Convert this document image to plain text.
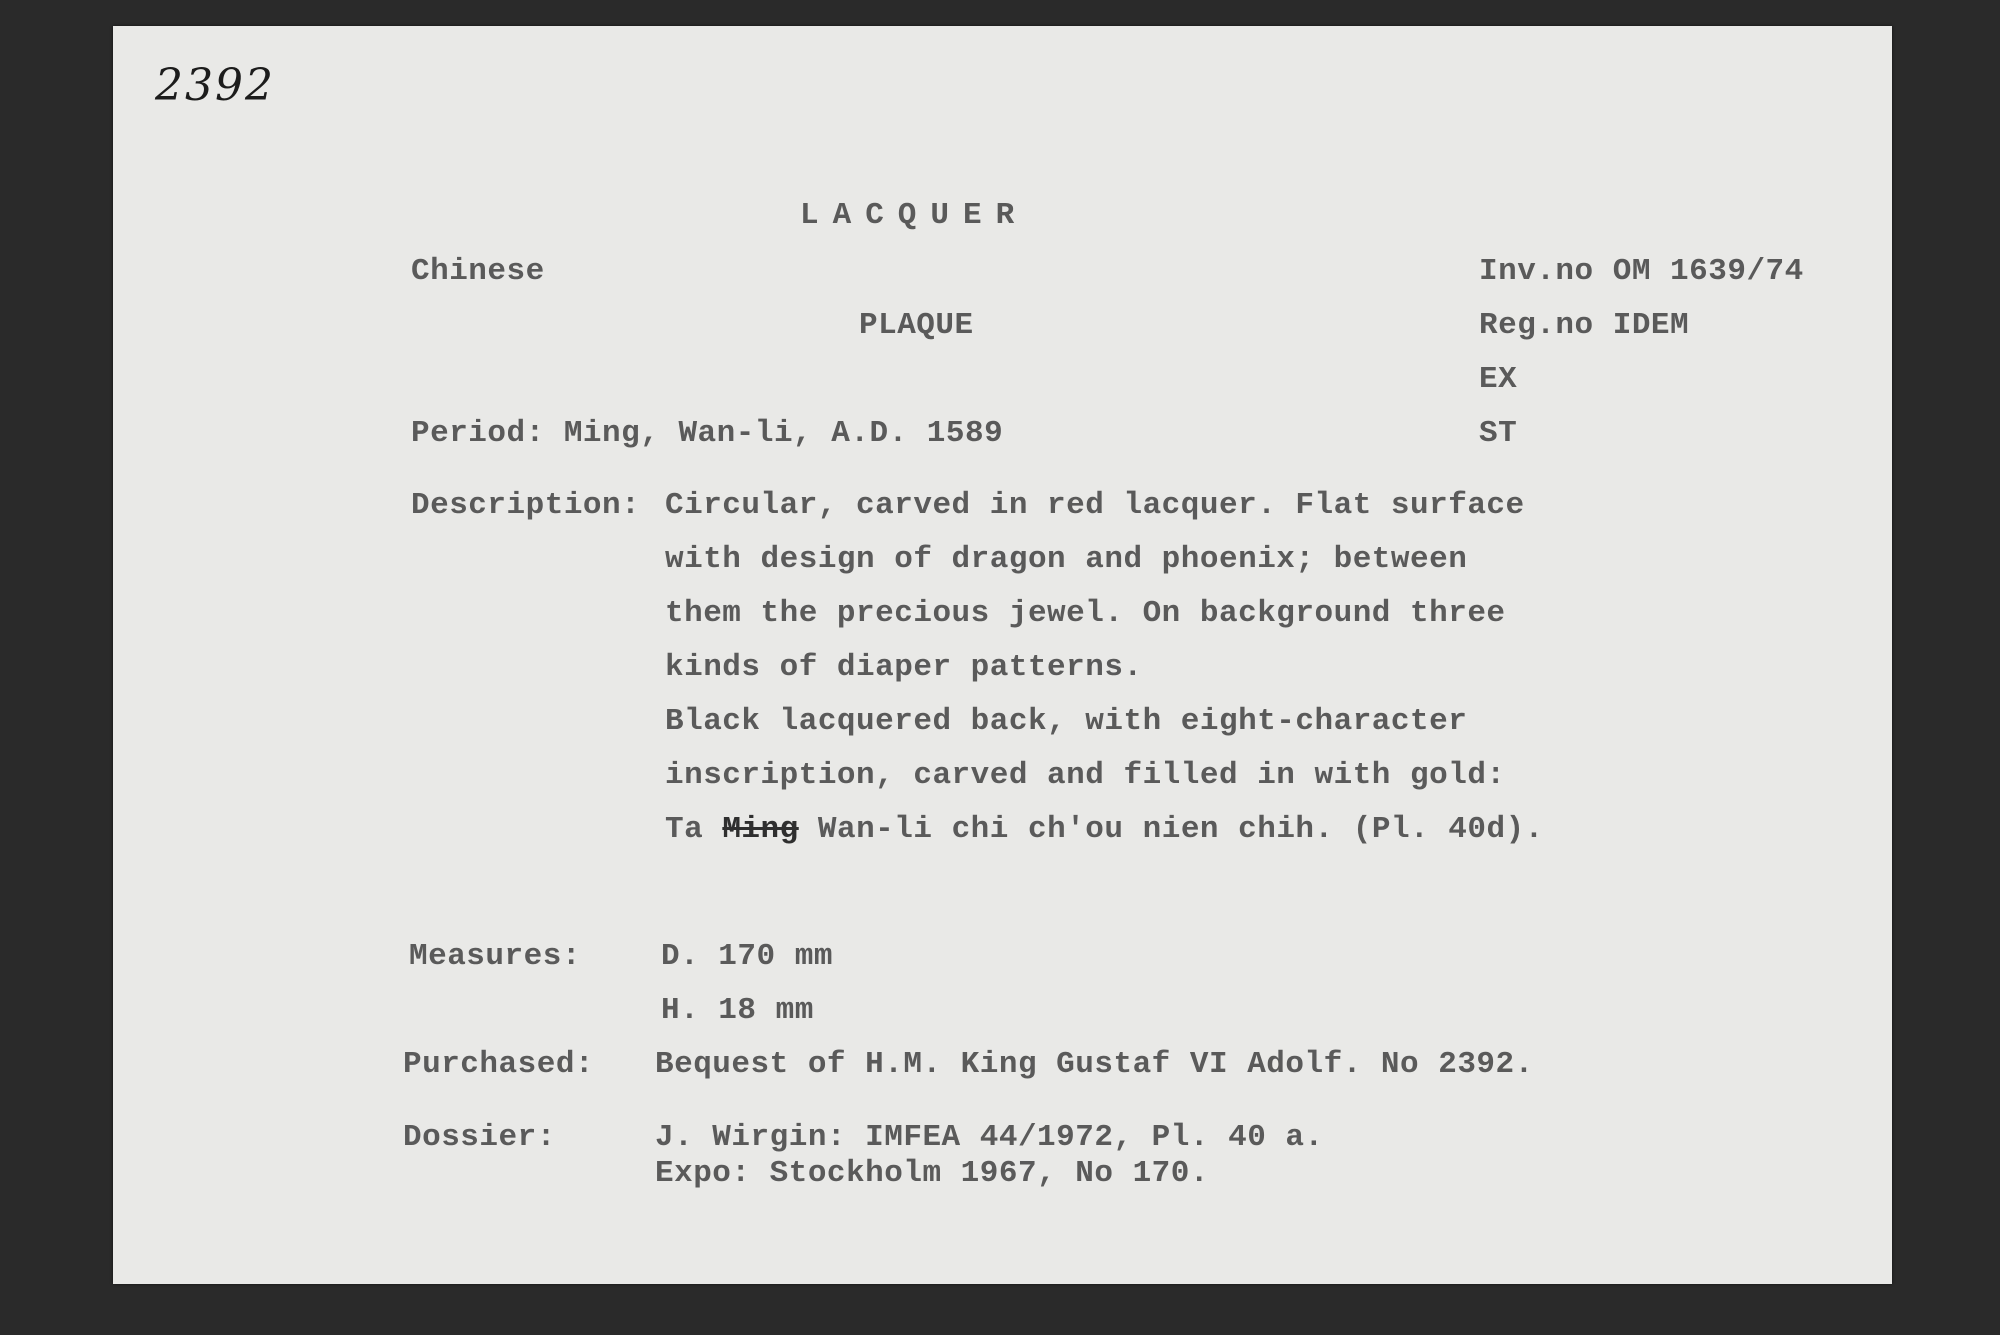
2392
LACQUER
Chinese	Inv.no OM 1639/74
PLAQUE	Reg.no IDEM
EX
Period: Ming, Wan-li, A.D. 1589	ST
Description: Circular, carved in red lacquer. Flat surface
with design of dragon and phoenix; between
them the precious jewel. On background three
kinds of diaper patterns.
Black lacquered back, with eight-character
inscription, carved and filled in with gold:
Ta Ming Wan-li chi ch'ou nien chih. (Pl. 40d).
Measures:	D. 170 mm
H. 18 mm
Purchased: Bequest of H.M. King Gustaf VI Adolf. No 2392.
Dossier:	J. Wirgin: IMFEA 44/1972, Pl. 40 a.
Expo: Stockholm 1967, No 170.
